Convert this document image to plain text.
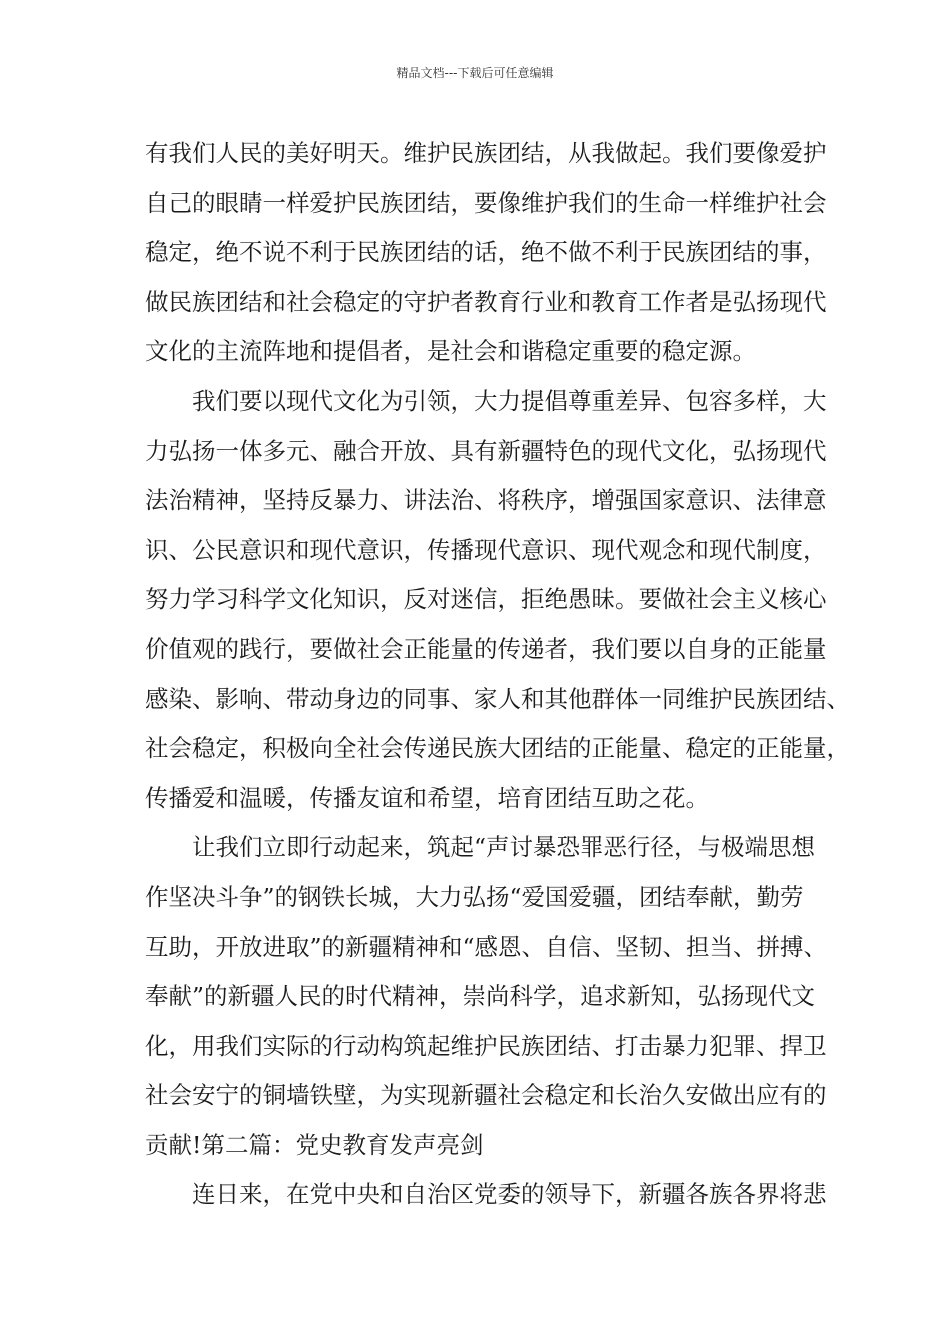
精品文档---下载后可任意编辑
有我们人民的美好明天。维护民族团结，从我做起。我们要像爱护
自己的眼睛一样爱护民族团结，要像维护我们的生命一样维护社会
稳定，绝不说不利于民族团结的话，绝不做不利于民族团结的事，
做民族团结和社会稳定的守护者教育行业和教育工作者是弘扬现代
文化的主流阵地和提倡者，是社会和谐稳定重要的稳定源。
　　我们要以现代文化为引领，大力提倡尊重差异、包容多样，大
力弘扬一体多元、融合开放、具有新疆特色的现代文化，弘扬现代
法治精神，坚持反暴力、讲法治、将秩序，增强国家意识、法律意
识、公民意识和现代意识，传播现代意识、现代观念和现代制度，
努力学习科学文化知识，反对迷信，拒绝愚昧。要做社会主义核心
价值观的践行，要做社会正能量的传递者，我们要以自身的正能量
感染、影响、带动身边的同事、家人和其他群体一同维护民族团结、
社会稳定，积极向全社会传递民族大团结的正能量、稳定的正能量，
传播爱和温暖，传播友谊和希望，培育团结互助之花。
　　让我们立即行动起来，筑起“声讨暴恐罪恶行径，与极端思想
作坚决斗争”的钢铁长城，大力弘扬“爱国爱疆，团结奉献，勤劳
互助，开放进取”的新疆精神和“感恩、自信、坚韧、担当、拼搏、
奉献”的新疆人民的时代精神，崇尚科学，追求新知，弘扬现代文
化，用我们实际的行动构筑起维护民族团结、打击暴力犯罪、捍卫
社会安宁的铜墙铁壁，为实现新疆社会稳定和长治久安做出应有的
贡献!第二篇：党史教育发声亮剑
　　连日来，在党中央和自治区党委的领导下，新疆各族各界将悲
